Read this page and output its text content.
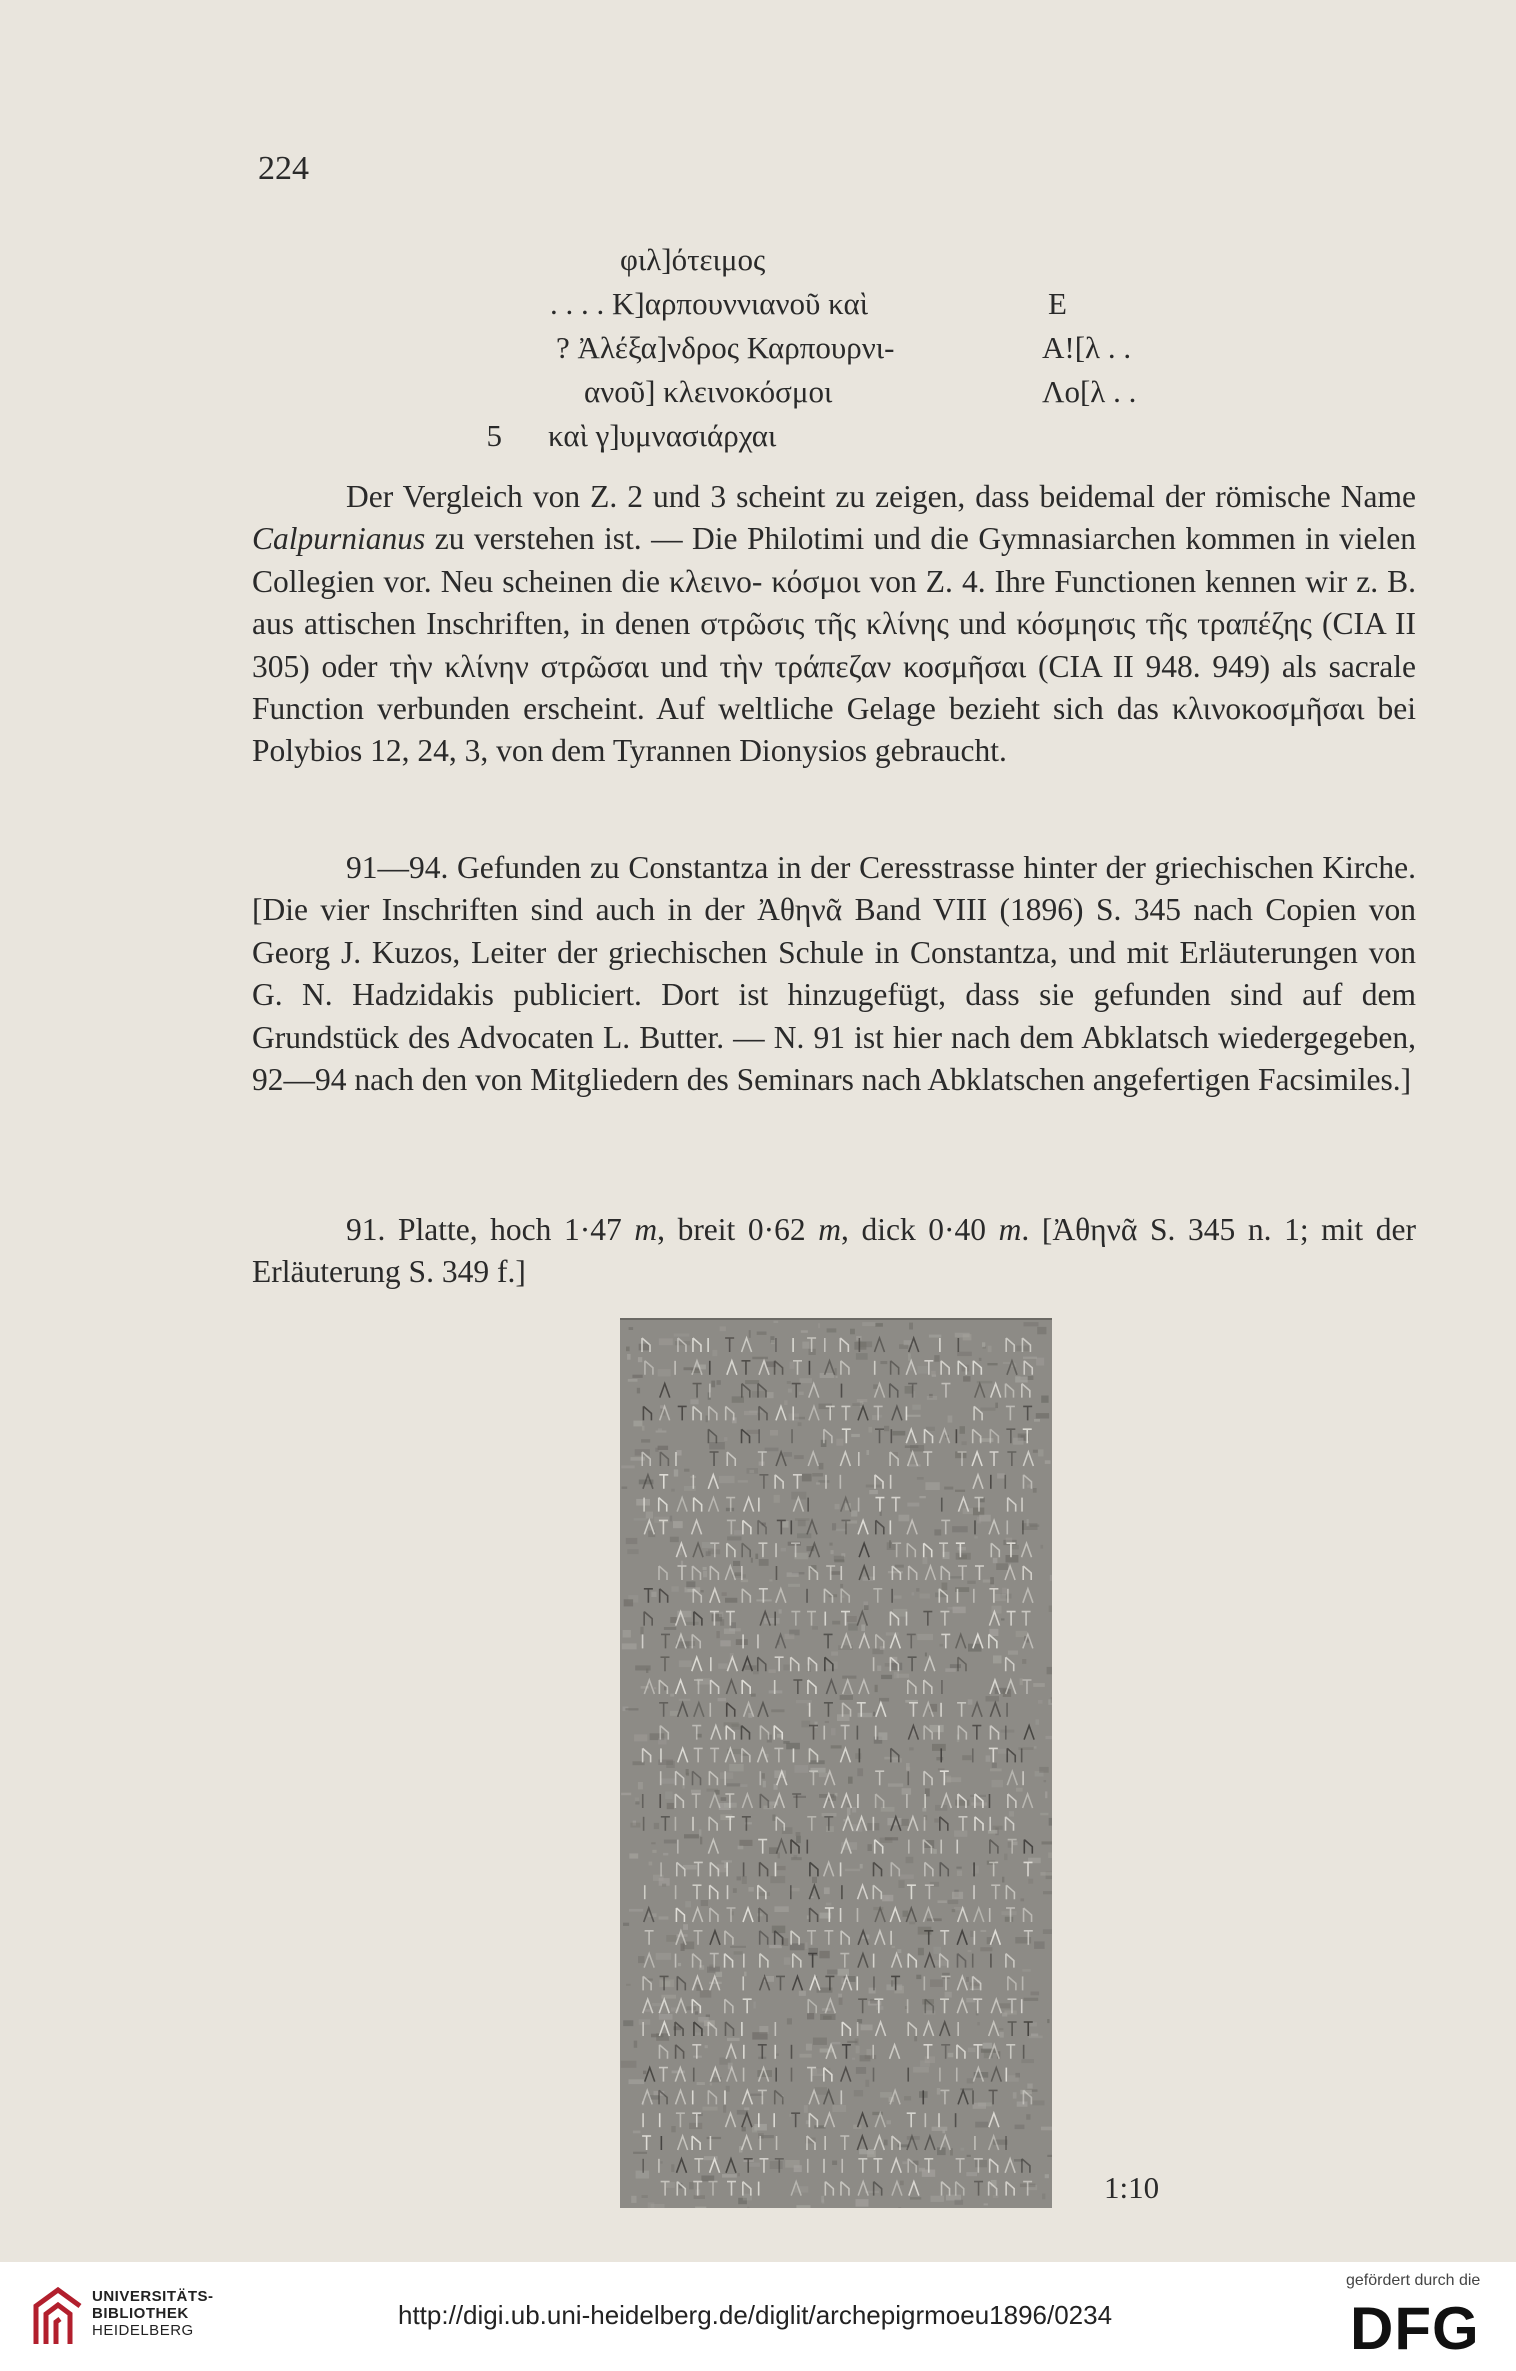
224
φιλ]ότειμος
. . . . Κ]αρπουννιανοῦ καὶ	E
? Ἀλέξα]νδρος Καρπουρνι-	A![λ . .
ανοῦ] κλεινοκόσμοι	Λο[λ . .
5 καὶ γ]υμνασιάρχαι

Der Vergleich von Z. 2 und 3 scheint zu zeigen, dass beidemal der römische Name Calpurnianus zu verstehen ist. — Die Philotimi und die Gymnasiarchen kommen in vielen Collegien vor. Neu scheinen die κλεινο- κόσμοι von Z. 4. Ihre Functionen kennen wir z. B. aus attischen Inschriften, in denen στρῶσις τῆς κλίνης und κόσμησις τῆς τραπέζης (CIA II 305) oder τὴν κλίνην στρῶσαι und τὴν τράπεζαν κοσμῆσαι (CIA II 948. 949) als sacrale Function verbunden erscheint. Auf weltliche Gelage bezieht sich das κλινοκοσμῆσαι bei Polybios 12, 24, 3, von dem Tyrannen Dionysios gebraucht.

91—94. Gefunden zu Constantza in der Ceresstrasse hinter der griechischen Kirche. [Die vier Inschriften sind auch in der Ἀθηνᾶ Band VIII (1896) S. 345 nach Copien von Georg J. Kuzos, Leiter der griechischen Schule in Constantza, und mit Erläuterungen von G. N. Hadzidakis publiciert. Dort ist hinzugefügt, dass sie gefunden sind auf dem Grundstück des Advocaten L. Butter. — N. 91 ist hier nach dem Abklatsch wiedergegeben, 92—94 nach den von Mitgliedern des Seminars nach Abklatschen angefertigen Facsimiles.]

91. Platte, hoch 1·47 m, breit 0·62 m, dick 0·40 m. [Ἀθηνᾶ S. 345 n. 1; mit der Erläuterung S. 349 f.]

1:10
UNIVERSITÄTS-
BIBLIOTHEK
HEIDELBERG
http://digi.ub.uni-heidelberg.de/diglit/archepigrmoeu1896/0234
gefördert durch die
DFG
